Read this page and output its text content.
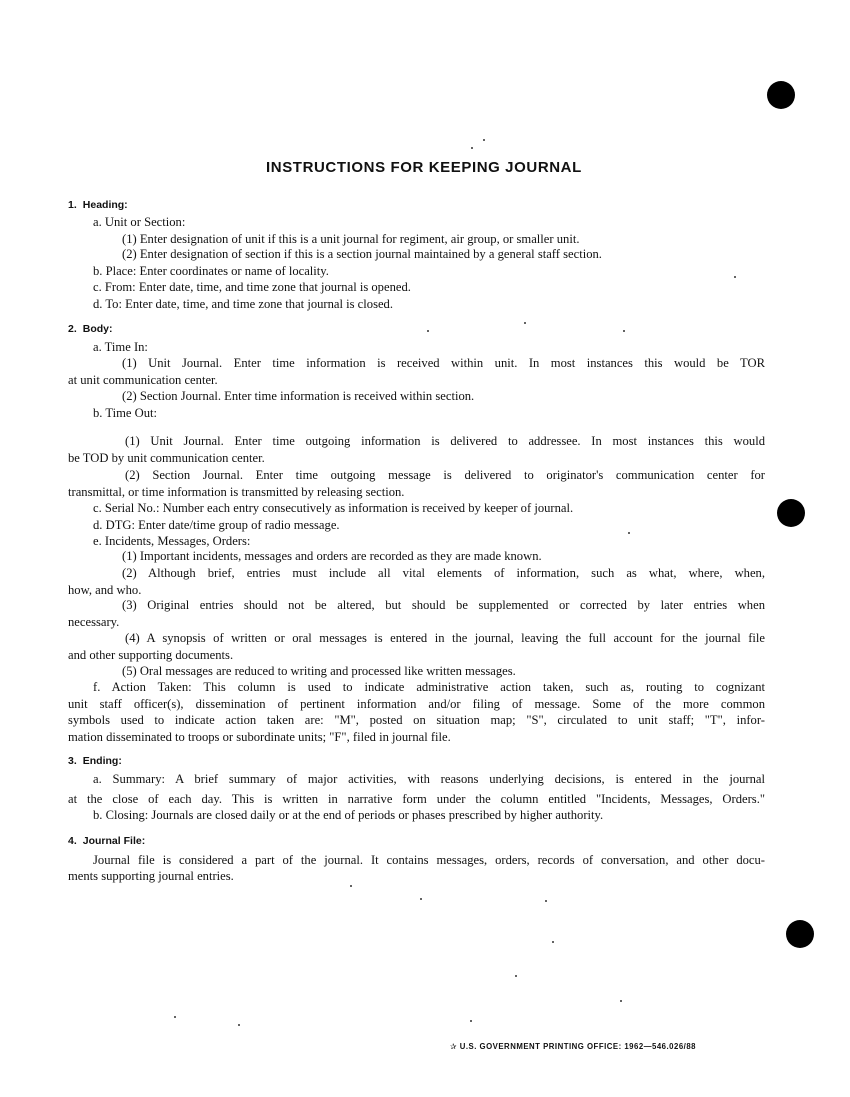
INSTRUCTIONS FOR KEEPING JOURNAL
1. Heading:
a. Unit or Section:
(1) Enter designation of unit if this is a unit journal for regiment, air group, or smaller unit.
(2) Enter designation of section if this is a section journal maintained by a general staff section.
b. Place: Enter coordinates or name of locality.
c. From: Enter date, time, and time zone that journal is opened.
d. To: Enter date, time, and time zone that journal is closed.
2. Body:
a. Time In:
(1) Unit Journal. Enter time information is received within unit. In most instances this would be TOR
at unit communication center.
(2) Section Journal. Enter time information is received within section.
b. Time Out:
(1) Unit Journal. Enter time outgoing information is delivered to addressee. In most instances this would
be TOD by unit communication center.
(2) Section Journal. Enter time outgoing message is delivered to originator's communication center for
transmittal, or time information is transmitted by releasing section.
c. Serial No.: Number each entry consecutively as information is received by keeper of journal.
d. DTG: Enter date/time group of radio message.
e. Incidents, Messages, Orders:
(1) Important incidents, messages and orders are recorded as they are made known.
(2) Although brief, entries must include all vital elements of information, such as what, where, when,
how, and who.
(3) Original entries should not be altered, but should be supplemented or corrected by later entries when
necessary.
(4) A synopsis of written or oral messages is entered in the journal, leaving the full account for the journal file
and other supporting documents.
(5) Oral messages are reduced to writing and processed like written messages.
f. Action Taken: This column is used to indicate administrative action taken, such as, routing to cognizant
unit staff officer(s), dissemination of pertinent information and/or filing of message. Some of the more common
symbols used to indicate action taken are: "M", posted on situation map; "S", circulated to unit staff; "T", infor-
mation disseminated to troops or subordinate units; "F", filed in journal file.
3. Ending:
a. Summary: A brief summary of major activities, with reasons underlying decisions, is entered in the journal
at the close of each day. This is written in narrative form under the column entitled "Incidents, Messages, Orders."
b. Closing: Journals are closed daily or at the end of periods or phases prescribed by higher authority.
4. Journal File:
Journal file is considered a part of the journal. It contains messages, orders, records of conversation, and other docu-
ments supporting journal entries.
✰ U.S. GOVERNMENT PRINTING OFFICE: 1962—546.026/88
